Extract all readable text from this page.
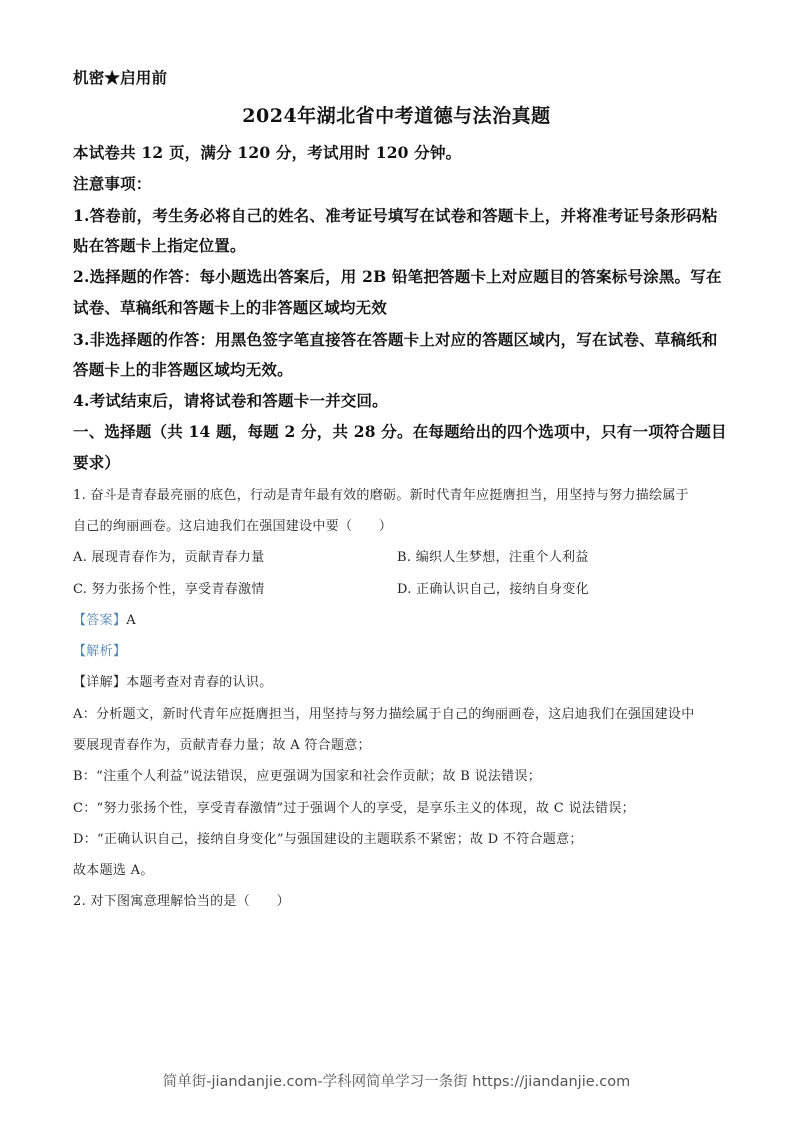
机密★启用前
2024年湖北省中考道德与法治真题
本试卷共 12 页，满分 120 分，考试用时 120 分钟。
注意事项：
1.答卷前，考生务必将自己的姓名、准考证号填写在试卷和答题卡上，并将准考证号条形码粘
贴在答题卡上指定位置。
2.选择题的作答：每小题选出答案后，用 2B 铅笔把答题卡上对应题目的答案标号涂黑。写在
试卷、草稿纸和答题卡上的非答题区域均无效
3.非选择题的作答：用黑色签字笔直接答在答题卡上对应的答题区域内，写在试卷、草稿纸和
答题卡上的非答题区域均无效。
4.考试结束后，请将试卷和答题卡一并交回。
一、选择题（共 14 题，每题 2 分，共 28 分。在每题给出的四个选项中，只有一项符合题目
要求）
1. 奋斗是青春最亮丽的底色，行动是青年最有效的磨砺。新时代青年应挺膺担当，用坚持与努力描绘属于
自己的绚丽画卷。这启迪我们在强国建设中要（　　）
A. 展现青春作为，贡献青春力量	B. 编织人生梦想，注重个人利益
C. 努力张扬个性，享受青春激情	D. 正确认识自己，接纳自身变化
【答案】A
【解析】
【详解】本题考查对青春的认识。
A：分析题文，新时代青年应挺膺担当，用坚持与努力描绘属于自己的绚丽画卷，这启迪我们在强国建设中
要展现青春作为，贡献青春力量；故 A 符合题意；
B：“注重个人利益”说法错误，应更强调为国家和社会作贡献；故 B 说法错误；
C：“努力张扬个性，享受青春激情”过于强调个人的享受，是享乐主义的体现，故 C 说法错误；
D：“正确认识自己，接纳自身变化”与强国建设的主题联系不紧密；故 D 不符合题意；
故本题选 A。
2. 对下图寓意理解恰当的是（　　）
简单街-jiandanjie.com-学科网简单学习一条街 https://jiandanjie.com
